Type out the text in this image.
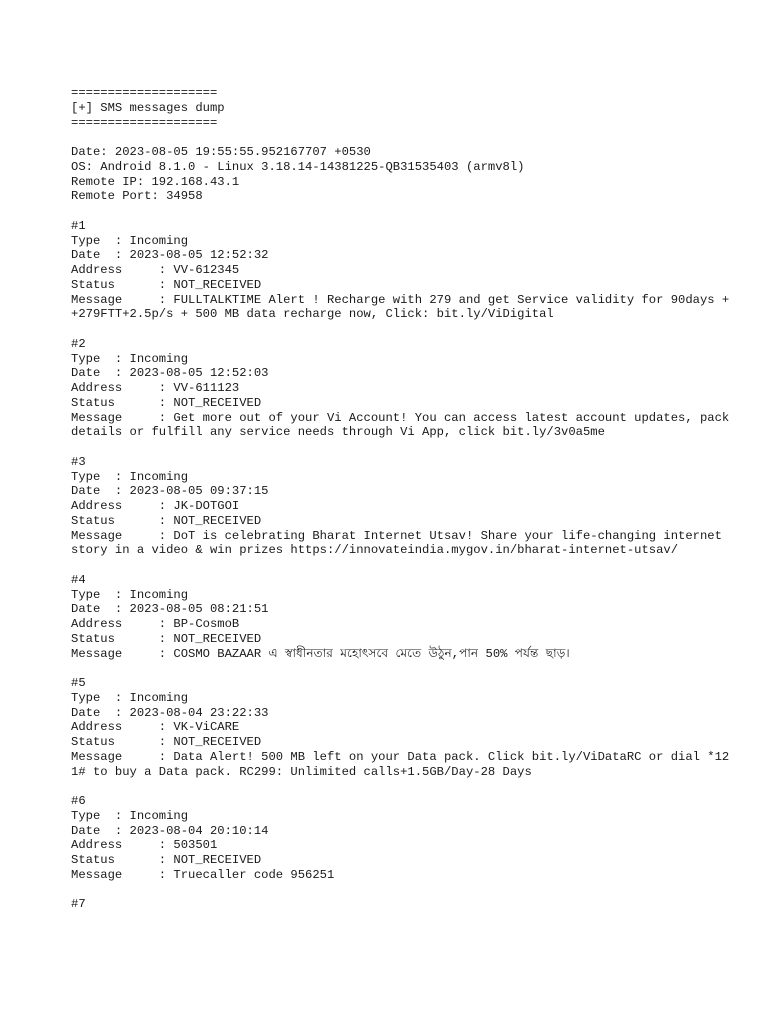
====================
[+] SMS messages dump
====================
Date: 2023-08-05 19:55:55.952167707 +0530
OS: Android 8.1.0 - Linux 3.18.14-14381225-QB31535403 (armv8l)
Remote IP: 192.168.43.1
Remote Port: 34958
#1
Type  : Incoming
Date  : 2023-08-05 12:52:32
Address     : VV-612345
Status      : NOT_RECEIVED
Message     : FULLTALKTIME Alert ! Recharge with 279 and get Service validity for 90days + +279FTT+2.5p/s + 500 MB data recharge now, Click: bit.ly/ViDigital
#2
Type  : Incoming
Date  : 2023-08-05 12:52:03
Address     : VV-611123
Status      : NOT_RECEIVED
Message     : Get more out of your Vi Account! You can access latest account updates, pack details or fulfill any service needs through Vi App, click bit.ly/3v0a5me
#3
Type  : Incoming
Date  : 2023-08-05 09:37:15
Address     : JK-DOTGOI
Status      : NOT_RECEIVED
Message     : DoT is celebrating Bharat Internet Utsav! Share your life-changing internet story in a video & win prizes https://innovateindia.mygov.in/bharat-internet-utsav/
#4
Type  : Incoming
Date  : 2023-08-05 08:21:51
Address     : BP-CosmoB
Status      : NOT_RECEIVED
Message     : COSMO BAZAAR এ স্বাধীনতার মহোৎসবে মেতে উঠুন,পান 50% পর্যন্ত ছাড়।
#5
Type  : Incoming
Date  : 2023-08-04 23:22:33
Address     : VK-ViCARE
Status      : NOT_RECEIVED
Message     : Data Alert! 500 MB left on your Data pack. Click bit.ly/ViDataRC or dial *121# to buy a Data pack. RC299: Unlimited calls+1.5GB/Day-28 Days
#6
Type  : Incoming
Date  : 2023-08-04 20:10:14
Address     : 503501
Status      : NOT_RECEIVED
Message     : Truecaller code 956251
#7
